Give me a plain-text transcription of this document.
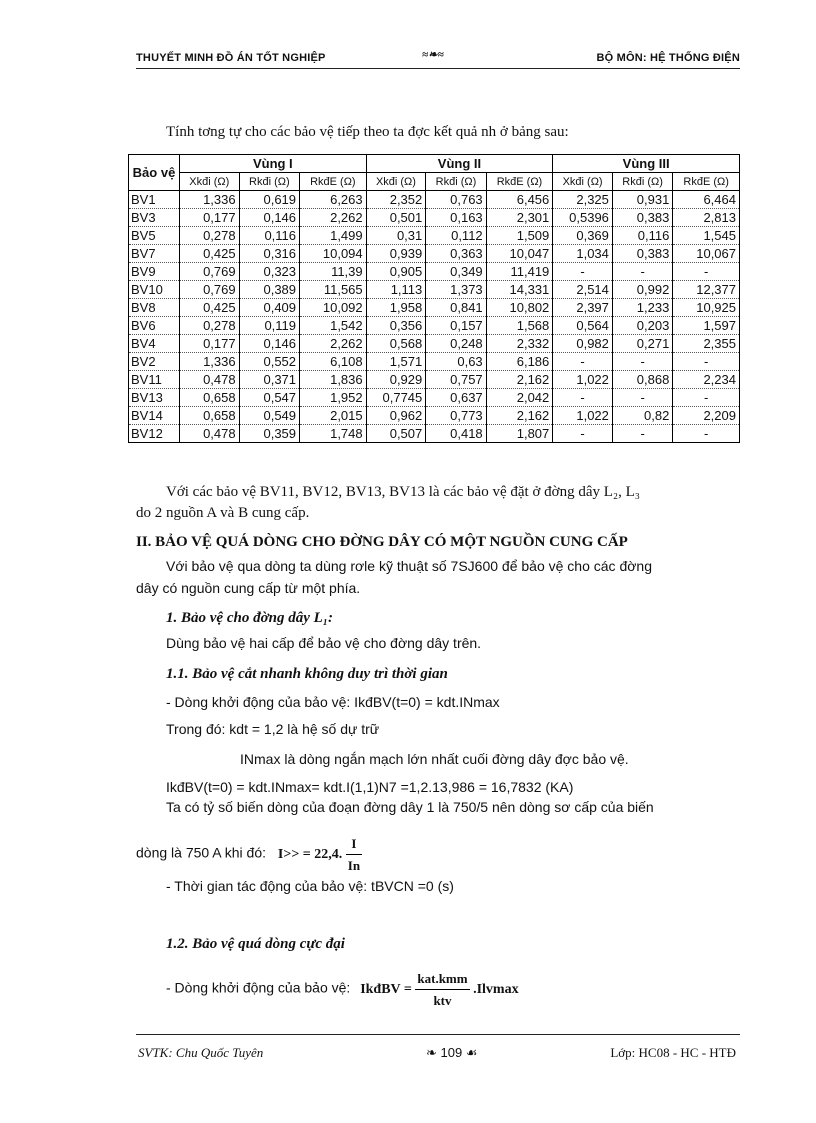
THUYẾT MINH ĐỒ ÁN TỐT NGHIỆP	≈❧≈	BỘ MÔN: HỆ THỐNG ĐIỆN
Tính tơng tự cho các bảo vệ tiếp theo ta đợc kết quả nh ở bảng sau:
Bảo vệ	Vùng I			Vùng II			Vùng III		
	Xkđi (Ω)	Rkđi (Ω)	RkđE (Ω)	Xkđi (Ω)	Rkđi (Ω)	RkđE (Ω)	Xkđi (Ω)	Rkđi (Ω)	RkđE (Ω)
BV1	1,336	0,619	6,263	2,352	0,763	6,456	2,325	0,931	6,464
BV3	0,177	0,146	2,262	0,501	0,163	2,301	0,5396	0,383	2,813
BV5	0,278	0,116	1,499	0,31	0,112	1,509	0,369	0,116	1,545
BV7	0,425	0,316	10,094	0,939	0,363	10,047	1,034	0,383	10,067
BV9	0,769	0,323	11,39	0,905	0,349	11,419	-	-	-
BV10	0,769	0,389	11,565	1,113	1,373	14,331	2,514	0,992	12,377
BV8	0,425	0,409	10,092	1,958	0,841	10,802	2,397	1,233	10,925
BV6	0,278	0,119	1,542	0,356	0,157	1,568	0,564	0,203	1,597
BV4	0,177	0,146	2,262	0,568	0,248	2,332	0,982	0,271	2,355
BV2	1,336	0,552	6,108	1,571	0,63	6,186	-	-	-
BV11	0,478	0,371	1,836	0,929	0,757	2,162	1,022	0,868	2,234
BV13	0,658	0,547	1,952	0,7745	0,637	2,042	-	-	-
BV14	0,658	0,549	2,015	0,962	0,773	2,162	1,022	0,82	2,209
BV12	0,478	0,359	1,748	0,507	0,418	1,807	-	-	-
Với các bảo vệ BV11, BV12, BV13, BV13 là các bảo vệ đặt ở đờng dây L₂, L₃
do 2 nguồn A và B cung cấp.
II. BẢO VỆ QUÁ DÒNG CHO ĐỜNG DÂY CÓ MỘT NGUỒN CUNG CẤP
Với bảo vệ qua dòng ta dùng rơle kỹ thuật số 7SJ600 để bảo vệ cho các đờng
dây có nguồn cung cấp từ một phía.
1. Bảo vệ cho đờng dây L₁:
Dùng bảo vệ hai cấp để bảo vệ cho đờng dây trên.
1.1. Bảo vệ cắt nhanh không duy trì thời gian
- Dòng khởi động của bảo vệ: IkđBV(t=0) = kdt.INmax
Trong đó: kdt = 1,2 là hệ số dự trữ
INmax là dòng ngắn mạch lớn nhất cuối đờng dây đợc bảo vệ.
IkđBV(t=0) = kdt.INmax= kdt.I(1,1)N7 =1,2.13,986 = 16,7832 (KA)
Ta có tỷ số biến dòng của đoạn đờng dây 1 là 750/5 nên dòng sơ cấp của biến
dòng là 750 A khi đó: I>> = 22,4. $\frac{I}{In}$
- Thời gian tác động của bảo vệ: tBVCN =0 (s)
1.2. Bảo vệ quá dòng cực đại
- Dòng khởi động của bảo vệ: IkđBV = $\frac{\text{kat.kmm}}{\text{ktv}} .Ilvmax$
SVTK: Chu Quốc Tuyên	❧ 109 ☙	Lớp: HC08 - HC - HTĐ
